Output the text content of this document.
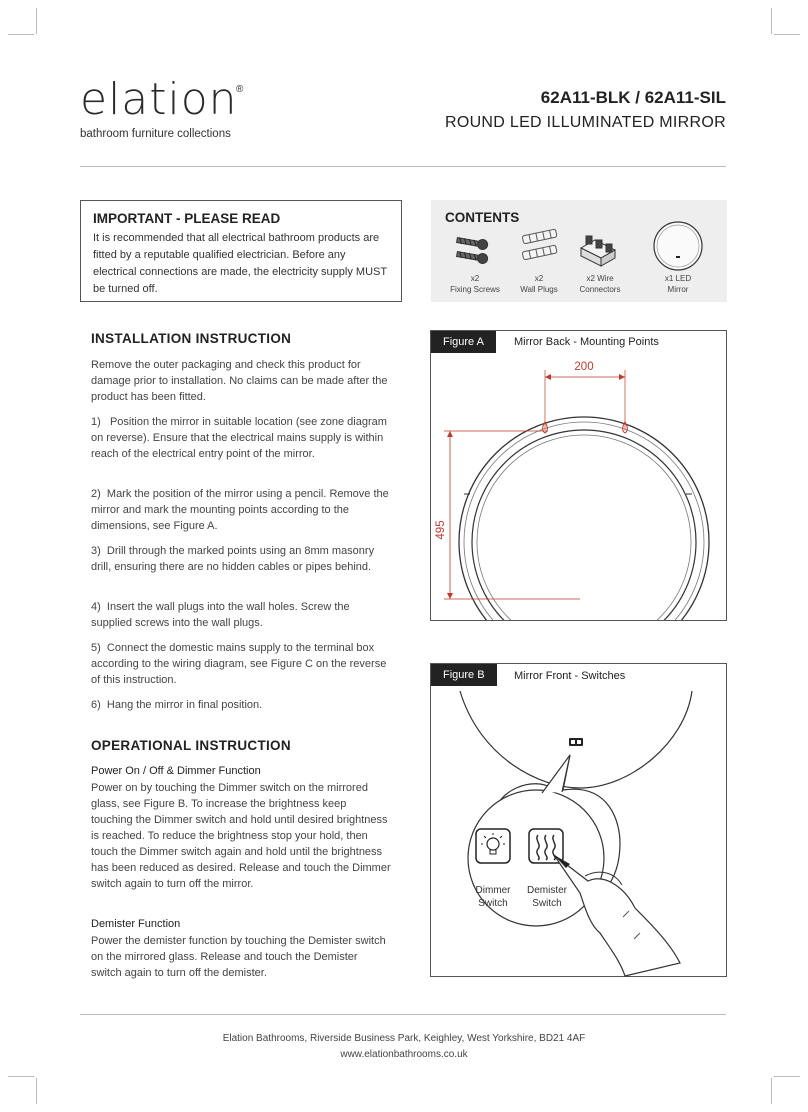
elation
®
bathroom furniture collections
62A11-BLK / 62A11-SIL
ROUND LED ILLUMINATED MIRROR
IMPORTANT - PLEASE READ
It is recommended that all electrical bathroom products are fitted by a reputable qualified electrician. Before any electrical connections are made, the electricity supply MUST be turned off.
CONTENTS
x2
Fixing Screws
x2
Wall Plugs
x2 Wire
Connectors
x1 LED
Mirror
INSTALLATION INSTRUCTION

Remove the outer packaging and check this product for damage prior to installation. No claims can be made after the product has been fitted.

1) Position the mirror in suitable location (see zone diagram on reverse). Ensure that the electrical mains supply is within reach of the electrical entry point of the mirror.

2) Mark the position of the mirror using a pencil. Remove the mirror and mark the mounting points according to the dimensions, see Figure A.

3) Drill through the marked points using an 8mm masonry drill, ensuring there are no hidden cables or pipes behind.

4) Insert the wall plugs into the wall holes. Screw the supplied screws into the wall plugs.

5) Connect the domestic mains supply to the terminal box according to the wiring diagram, see Figure C on the reverse of this instruction.

6) Hang the mirror in final position.

OPERATIONAL INSTRUCTION
Power On / Off & Dimmer Function

Power on by touching the Dimmer switch on the mirrored glass, see Figure B. To increase the brightness keep touching the Dimmer switch and hold until desired brightness is reached. To reduce the brightness stop your hold, then touch the Dimmer switch again and hold until the brightness has been reduced as desired. Release and touch the Dimmer switch again to turn off the mirror.

Demister Function

Power the demister function by touching the Demister switch on the mirrored glass. Release and touch the Demister switch again to turn off the demister.

Figure A	Mirror Back - Mounting Points
200
495
Figure B	Mirror Front - Switches
Dimmer
Switch
Demister
Switch
Elation Bathrooms, Riverside Business Park, Keighley, West Yorkshire, BD21 4AF
www.elationbathrooms.co.uk
